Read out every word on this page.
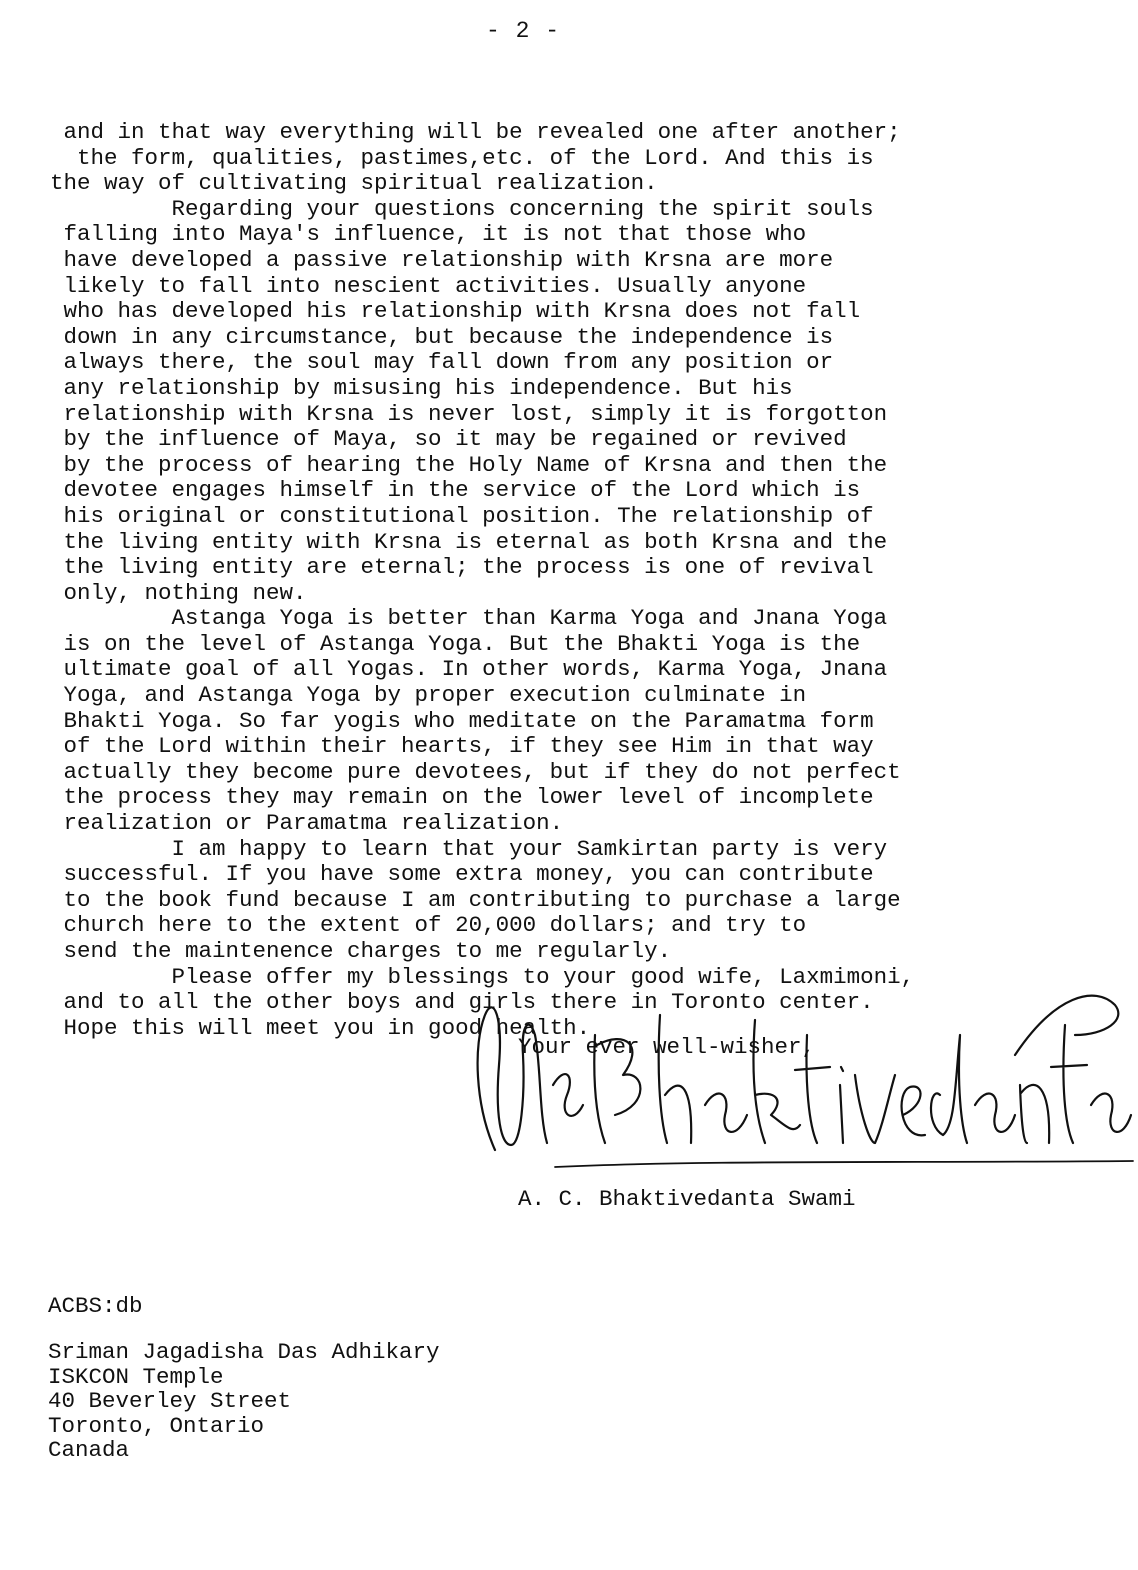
- 2 -
and in that way everything will be revealed one after another;
the form, qualities, pastimes,etc. of the Lord. And this is
the way of cultivating spiritual realization.
Regarding your questions concerning the spirit souls
falling into Maya's influence, it is not that those who
have developed a passive relationship with Krsna are more
likely to fall into nescient activities. Usually anyone
who has developed his relationship with Krsna does not fall
down in any circumstance, but because the independence is
always there, the soul may fall down from any position or
any relationship by misusing his independence. But his
relationship with Krsna is never lost, simply it is forgotton
by the influence of Maya, so it may be regained or revived
by the process of hearing the Holy Name of Krsna and then the
devotee engages himself in the service of the Lord which is
his original or constitutional position. The relationship of
the living entity with Krsna is eternal as both Krsna and the
the living entity are eternal; the process is one of revival
only, nothing new.
Astanga Yoga is better than Karma Yoga and Jnana Yoga
is on the level of Astanga Yoga. But the Bhakti Yoga is the
ultimate goal of all Yogas. In other words, Karma Yoga, Jnana
Yoga, and Astanga Yoga by proper execution culminate in
Bhakti Yoga. So far yogis who meditate on the Paramatma form
of the Lord within their hearts, if they see Him in that way
actually they become pure devotees, but if they do not perfect
the process they may remain on the lower level of incomplete
realization or Paramatma realization.
I am happy to learn that your Samkirtan party is very
successful. If you have some extra money, you can contribute
to the book fund because I am contributing to purchase a large
church here to the extent of 20,000 dollars; and try to
send the maintenence charges to me regularly.
Please offer my blessings to your good wife, Laxmimoni,
and to all the other boys and girls there in Toronto center.
Hope this will meet you in good health.
Your ever well-wisher,
A. C. Bhaktivedanta Swami
ACBS:db
Sriman Jagadisha Das Adhikary
ISKCON Temple
40 Beverley Street
Toronto, Ontario
Canada
